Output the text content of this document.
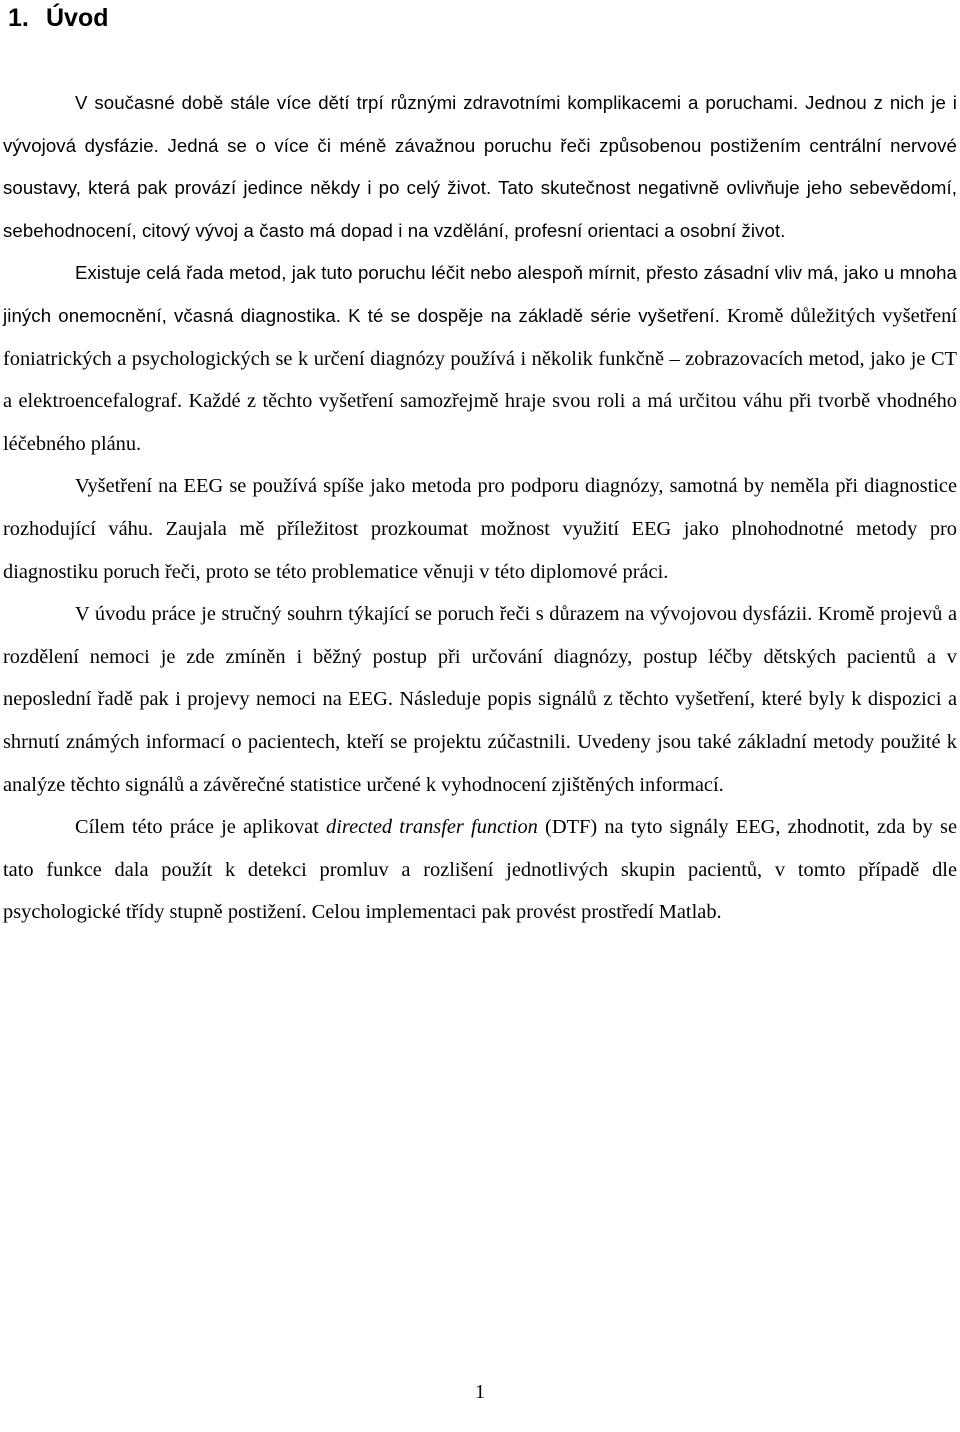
1. Úvod

V současné době stále více dětí trpí různými zdravotními komplikacemi a poruchami. Jednou z nich je i vývojová dysfázie. Jedná se o více či méně závažnou poruchu řeči způsobenou postižením centrální nervové soustavy, která pak provází jedince někdy i po celý život. Tato skutečnost negativně ovlivňuje jeho sebevědomí, sebehodnocení, citový vývoj a často má dopad i na vzdělání, profesní orientaci a osobní život.

Existuje celá řada metod, jak tuto poruchu léčit nebo alespoň mírnit, přesto zásadní vliv má, jako u mnoha jiných onemocnění, včasná diagnostika. K té se dospěje na základě série vyšetření. Kromě důležitých vyšetření foniatrických a psychologických se k určení diagnózy používá i několik funkčně – zobrazovacích metod, jako je CT a elektroencefalograf. Každé z těchto vyšetření samozřejmě hraje svou roli a má určitou váhu při tvorbě vhodného léčebného plánu.

Vyšetření na EEG se používá spíše jako metoda pro podporu diagnózy, samotná by neměla při diagnostice rozhodující váhu. Zaujala mě příležitost prozkoumat možnost využití EEG jako plnohodnotné metody pro diagnostiku poruch řeči, proto se této problematice věnuji v této diplomové práci.

V úvodu práce je stručný souhrn týkající se poruch řeči s důrazem na vývojovou dysfázii. Kromě projevů a rozdělení nemoci je zde zmíněn i běžný postup při určování diagnózy, postup léčby dětských pacientů a v neposlední řadě pak i projevy nemoci na EEG. Následuje popis signálů z těchto vyšetření, které byly k dispozici a shrnutí známých informací o pacientech, kteří se projektu zúčastnili. Uvedeny jsou také základní metody použité k analýze těchto signálů a závěrečné statistice určené k vyhodnocení zjištěných informací.

Cílem této práce je aplikovat directed transfer function (DTF) na tyto signály EEG, zhodnotit, zda by se tato funkce dala použít k detekci promluv a rozlišení jednotlivých skupin pacientů, v tomto případě dle psychologické třídy stupně postižení. Celou implementaci pak provést prostředí Matlab.

1
